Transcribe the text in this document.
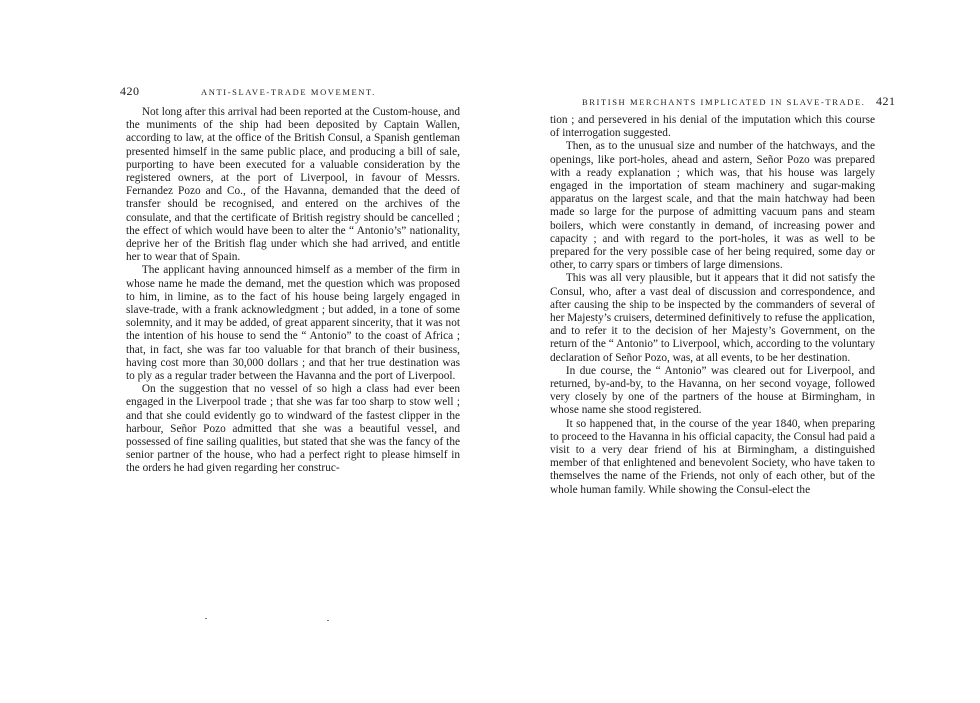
420	ANTI-SLAVE-TRADE MOVEMENT.

Not long after this arrival had been reported at the Custom-house, and the muniments of the ship had been deposited by Captain Wallen, according to law, at the office of the British Consul, a Spanish gentleman presented himself in the same public place, and producing a bill of sale, purporting to have been executed for a valuable consideration by the registered owners, at the port of Liverpool, in favour of Messrs. Fernandez Pozo and Co., of the Havanna, demanded that the deed of transfer should be recognised, and entered on the archives of the consulate, and that the certificate of British registry should be cancelled ; the effect of which would have been to alter the “ Antonio’s” nationality, deprive her of the British flag under which she had arrived, and entitle her to wear that of Spain.

The applicant having announced himself as a member of the firm in whose name he made the demand, met the question which was proposed to him, in limine, as to the fact of his house being largely engaged in slave-trade, with a frank acknowledgment ; but added, in a tone of some solemnity, and it may be added, of great apparent sincerity, that it was not the intention of his house to send the “ Antonio” to the coast of Africa ; that, in fact, she was far too valuable for that branch of their business, having cost more than 30,000 dollars ; and that her true destination was to ply as a regular trader between the Havanna and the port of Liverpool.

On the suggestion that no vessel of so high a class had ever been engaged in the Liverpool trade ; that she was far too sharp to stow well ; and that she could evidently go to windward of the fastest clipper in the harbour, Señor Pozo admitted that she was a beautiful vessel, and possessed of fine sailing qualities, but stated that she was the fancy of the senior partner of the house, who had a perfect right to please himself in the orders he had given regarding her construc-

BRITISH MERCHANTS IMPLICATED IN SLAVE-TRADE. 421

tion ; and persevered in his denial of the imputation which this course of interrogation suggested.

Then, as to the unusual size and number of the hatchways, and the openings, like port-holes, ahead and astern, Señor Pozo was prepared with a ready explanation ; which was, that his house was largely engaged in the importation of steam machinery and sugar-making apparatus on the largest scale, and that the main hatchway had been made so large for the purpose of admitting vacuum pans and steam boilers, which were constantly in demand, of increasing power and capacity ; and with regard to the port-holes, it was as well to be prepared for the very possible case of her being required, some day or other, to carry spars or timbers of large dimensions.

This was all very plausible, but it appears that it did not satisfy the Consul, who, after a vast deal of discussion and correspondence, and after causing the ship to be inspected by the commanders of several of her Majesty’s cruisers, determined definitively to refuse the application, and to refer it to the decision of her Majesty’s Government, on the return of the “ Antonio” to Liverpool, which, according to the voluntary declaration of Señor Pozo, was, at all events, to be her destination.

In due course, the “ Antonio” was cleared out for Liverpool, and returned, by-and-by, to the Havanna, on her second voyage, followed very closely by one of the partners of the house at Birmingham, in whose name she stood registered.

It so happened that, in the course of the year 1840, when preparing to proceed to the Havanna in his official capacity, the Consul had paid a visit to a very dear friend of his at Birmingham, a distinguished member of that enlightened and benevolent Society, who have taken to themselves the name of the Friends, not only of each other, but of the whole human family. While showing the Consul-elect the
